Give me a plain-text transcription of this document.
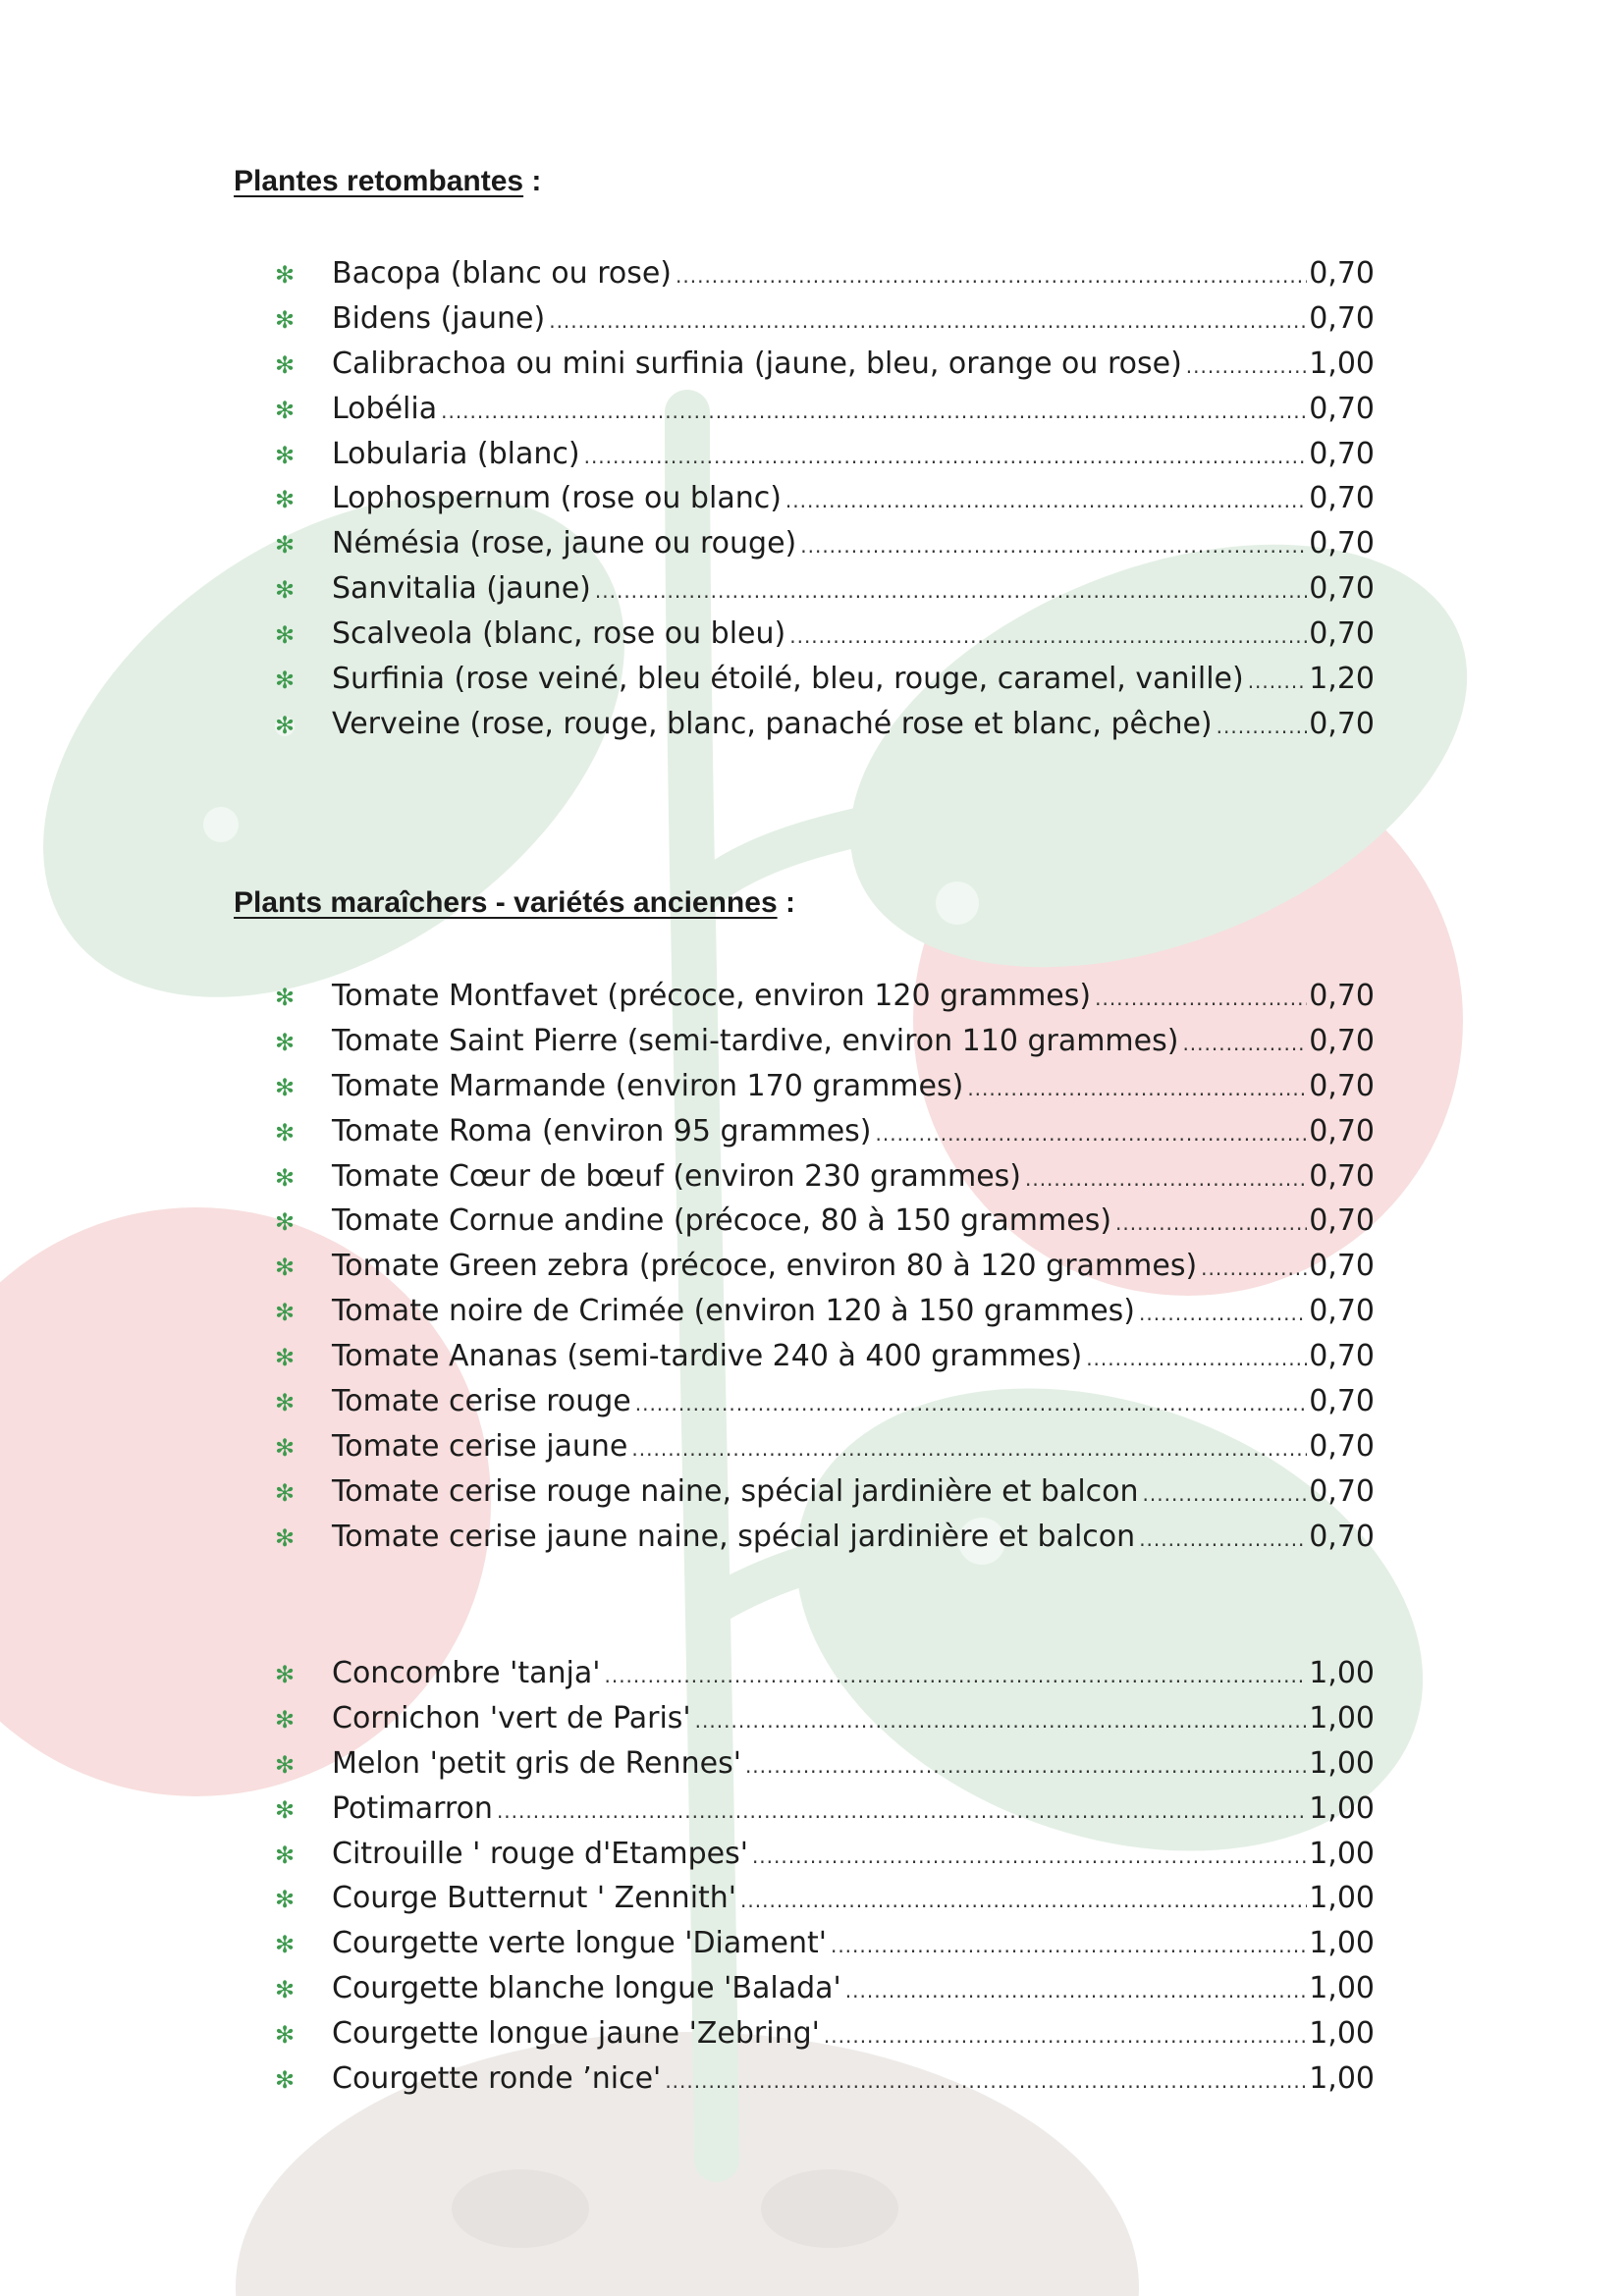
Plantes retombantes :
✻	Bacopa (blanc ou rose) .....	0,70
✻	Bidens (jaune) .....	0,70
✻	Calibrachoa ou mini surfinia (jaune, bleu, orange ou rose) .....	1,00
✻	Lobélia .....	0,70
✻	Lobularia (blanc) .....	0,70
✻	Lophospernum (rose ou blanc) .....	0,70
✻	Némésia (rose, jaune ou rouge) .....	0,70
✻	Sanvitalia (jaune) .....	0,70
✻	Scalveola (blanc, rose ou bleu) .....	0,70
✻	Surfinia (rose veiné, bleu étoilé, bleu, rouge, caramel, vanille) ..... 1,20
✻	Verveine (rose, rouge, blanc, panaché rose et blanc, pêche) .....	0,70
Plants maraîchers - variétés anciennes :
✻	Tomate Montfavet (précoce, environ 120 grammes) .....	0,70
✻	Tomate Saint Pierre (semi-tardive, environ 110 grammes) .....	0,70
✻	Tomate Marmande (environ 170 grammes) .....	0,70
✻	Tomate Roma (environ 95 grammes) .....	0,70
✻	Tomate Cœur de bœuf (environ 230 grammes) .....	0,70
✻	Tomate Cornue andine (précoce, 80 à 150 grammes) .....	0,70
✻	Tomate Green zebra (précoce, environ 80 à 120 grammes) .....	0,70
✻	Tomate noire de Crimée (environ 120 à 150 grammes) .....	0,70
✻	Tomate Ananas (semi-tardive 240 à 400 grammes) .....	0,70
✻	Tomate cerise rouge .....	0,70
✻	Tomate cerise jaune .....	0,70
✻	Tomate cerise rouge naine, spécial jardinière et balcon .....	0,70
✻	Tomate cerise jaune naine, spécial jardinière et balcon .....	0,70
✻	Concombre 'tanja' .....	1,00
✻	Cornichon 'vert de Paris' .....	1,00
✻	Melon 'petit gris de Rennes' .....	1,00
✻	Potimarron .....	1,00
✻	Citrouille ' rouge d'Etampes' .....	1,00
✻	Courge Butternut ' Zennith' .....	1,00
✻	Courgette verte longue 'Diament' .....	1,00
✻	Courgette blanche longue 'Balada' .....	1,00
✻	Courgette longue jaune 'Zebring' .....	1,00
✻	Courgette ronde ’nice' .....	1,00
